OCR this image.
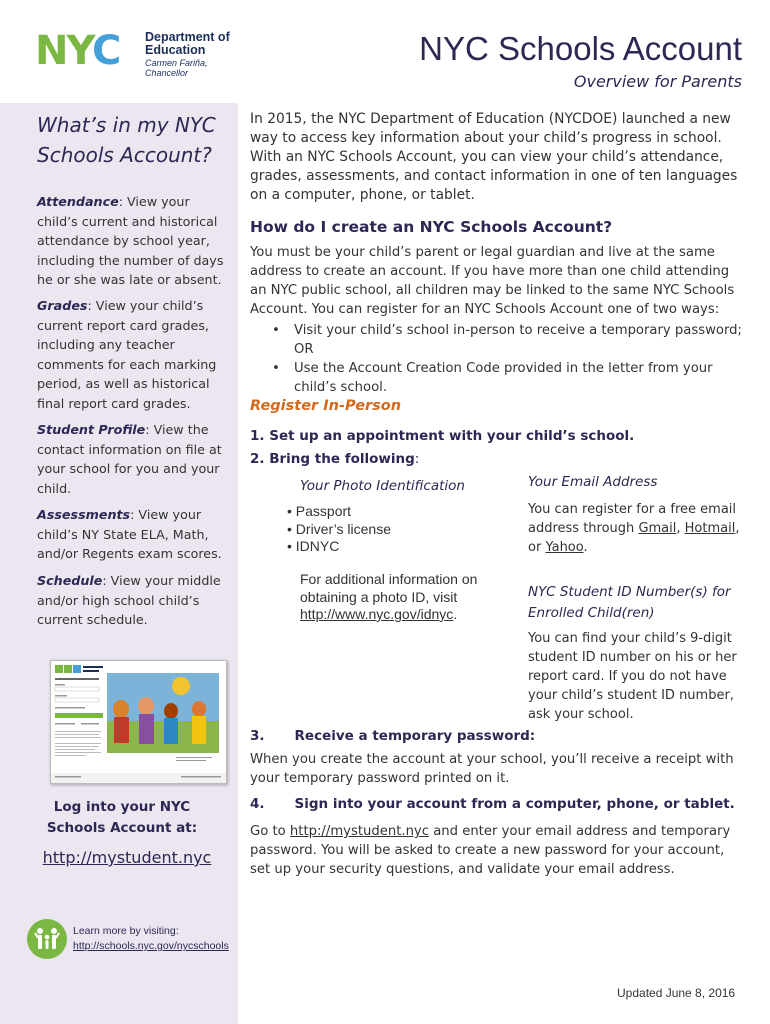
NYC Department of
Education
Carmen Fariña, Chancellor
NYC Schools Account
Overview for Parents
What’s in my NYC Schools Account?
Attendance: View your child’s current and historical attendance by school year, including the number of days he or she was late or absent.
Grades: View your child’s current report card grades, including any teacher comments for each marking period, as well as historical final report card grades.
Student Profile: View the contact information on file at your school for you and your child.
Assessments: View your child’s NY State ELA, Math, and/or Regents exam scores.
Schedule: View your middle and/or high school child’s current schedule.
Log into your NYC Schools Account at:
http://mystudent.nyc
Learn more by visiting:
http://schools.nyc.gov/nycschools
In 2015, the NYC Department of Education (NYCDOE) launched a new way to access key information about your child’s progress in school. With an NYC Schools Account, you can view your child’s attendance, grades, assessments, and contact information in one of ten languages on a computer, phone, or tablet.
How do I create an NYC Schools Account?
You must be your child’s parent or legal guardian and live at the same address to create an account. If you have more than one child attending an NYC public school, all children may be linked to the same NYC Schools Account. You can register for an NYC Schools Account one of two ways:
• Visit your child’s school in-person to receive a temporary password; OR
• Use the Account Creation Code provided in the letter from your child’s school.
Register In-Person
1. Set up an appointment with your child’s school.
2. Bring the following:
Your Photo Identification
• Passport
• Driver’s license
• IDNYC
For additional information on obtaining a photo ID, visit http://www.nyc.gov/idnyc.
Your Email Address
You can register for a free email address through Gmail, Hotmail, or Yahoo.
NYC Student ID Number(s) for Enrolled Child(ren)
You can find your child’s 9-digit student ID number on his or her report card. If you do not have your child’s student ID number, ask your school.
3. Receive a temporary password:
When you create the account at your school, you’ll receive a receipt with your temporary password printed on it.
4. Sign into your account from a computer, phone, or tablet.
Go to http://mystudent.nyc and enter your email address and temporary password. You will be asked to create a new password for your account, set up your security questions, and validate your email address.
Updated June 8, 2016
